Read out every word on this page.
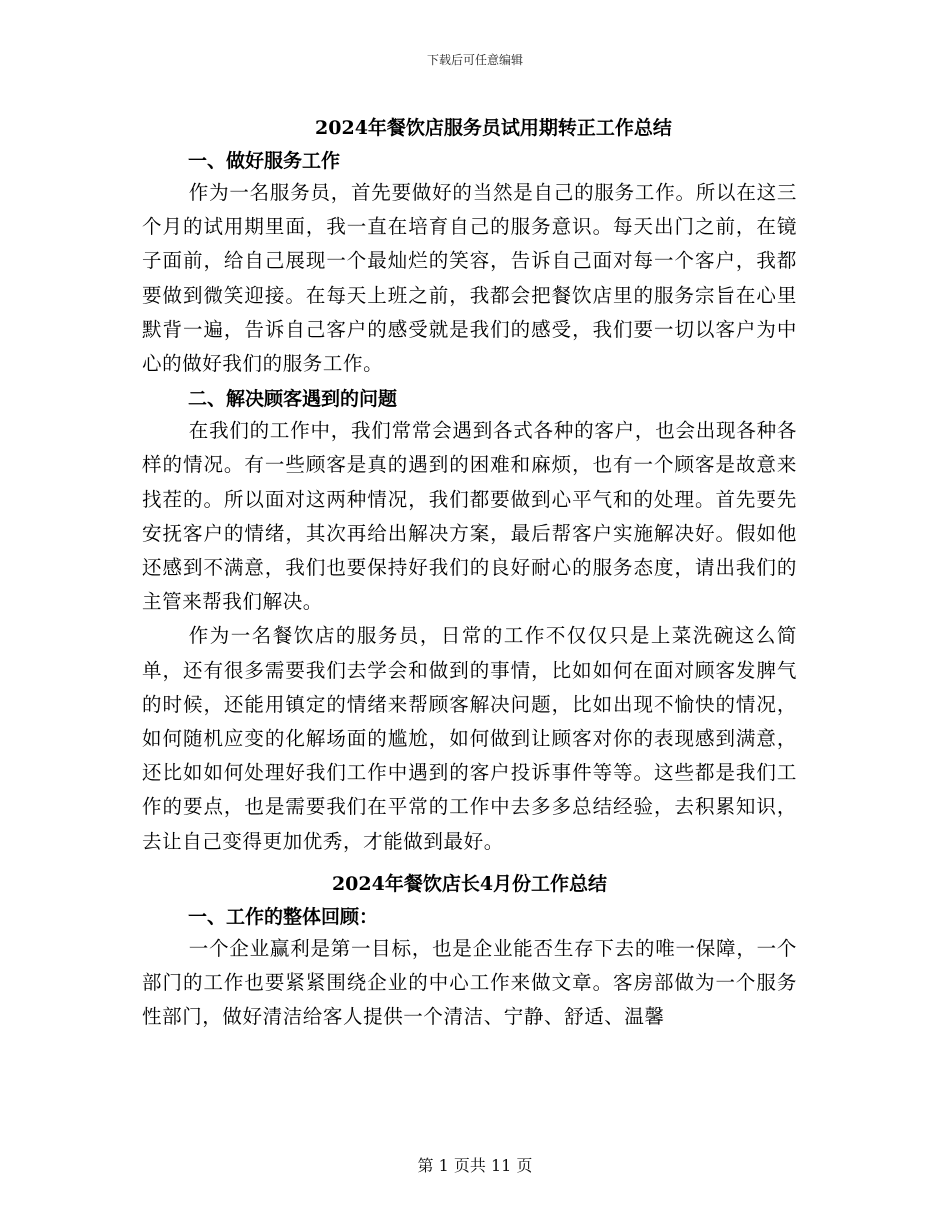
下载后可任意编辑
2024年餐饮店服务员试用期转正工作总结
一、做好服务工作

作为一名服务员，首先要做好的当然是自己的服务工作。所以在这三个月的试用期里面，我一直在培育自己的服务意识。每天出门之前，在镜子面前，给自己展现一个最灿烂的笑容，告诉自己面对每一个客户，我都要做到微笑迎接。在每天上班之前，我都会把餐饮店里的服务宗旨在心里默背一遍，告诉自己客户的感受就是我们的感受，我们要一切以客户为中心的做好我们的服务工作。

二、解决顾客遇到的问题

在我们的工作中，我们常常会遇到各式各种的客户，也会出现各种各样的情况。有一些顾客是真的遇到的困难和麻烦，也有一个顾客是故意来找茬的。所以面对这两种情况，我们都要做到心平气和的处理。首先要先安抚客户的情绪，其次再给出解决方案，最后帮客户实施解决好。假如他还感到不满意，我们也要保持好我们的良好耐心的服务态度，请出我们的主管来帮我们解决。

作为一名餐饮店的服务员，日常的工作不仅仅只是上菜洗碗这么简单，还有很多需要我们去学会和做到的事情，比如如何在面对顾客发脾气的时候，还能用镇定的情绪来帮顾客解决问题，比如出现不愉快的情况，如何随机应变的化解场面的尴尬，如何做到让顾客对你的表现感到满意，还比如如何处理好我们工作中遇到的客户投诉事件等等。这些都是我们工作的要点，也是需要我们在平常的工作中去多多总结经验，去积累知识，去让自己变得更加优秀，才能做到最好。

2024年餐饮店长4月份工作总结
一、工作的整体回顾：

一个企业赢利是第一目标，也是企业能否生存下去的唯一保障，一个部门的工作也要紧紧围绕企业的中心工作来做文章。客房部做为一个服务性部门，做好清洁给客人提供一个清洁、宁静、舒适、温馨

第 1 页共 11 页
